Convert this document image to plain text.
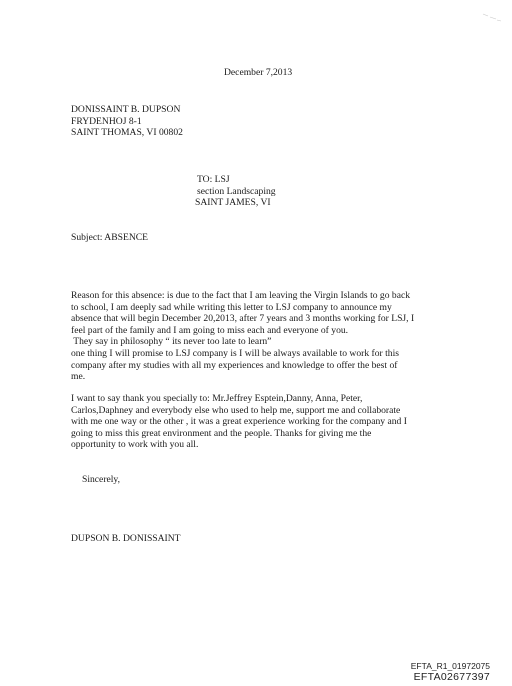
December 7,2013
DONISSAINT B. DUPSON
FRYDENHOJ 8-1
SAINT THOMAS, VI 00802
TO: LSJ
section Landscaping
SAINT JAMES, VI
Subject: ABSENCE
Reason for this absence: is due to the fact that I am leaving the Virgin Islands to go back
to school, I am deeply sad while writing this letter to LSJ company to announce my
absence that will begin December 20,2013, after 7 years and 3 months working for LSJ, I
feel part of the family and I am going to miss each and everyone of you.
They say in philosophy “ its never too late to learn”
one thing I will promise to LSJ company is I will be always available to work for this
company after my studies with all my experiences and knowledge to offer the best of
me.
I want to say thank you specially to: Mr.Jeffrey Esptein,Danny, Anna, Peter,
Carlos,Daphney and everybody else who used to help me, support me and collaborate
with me one way or the other , it was a great experience working for the company and I
going to miss this great environment and the people. Thanks for giving me the
opportunity to work with you all.
Sincerely,
DUPSON B. DONISSAINT
EFTA_R1_01972075
EFTA02677397
